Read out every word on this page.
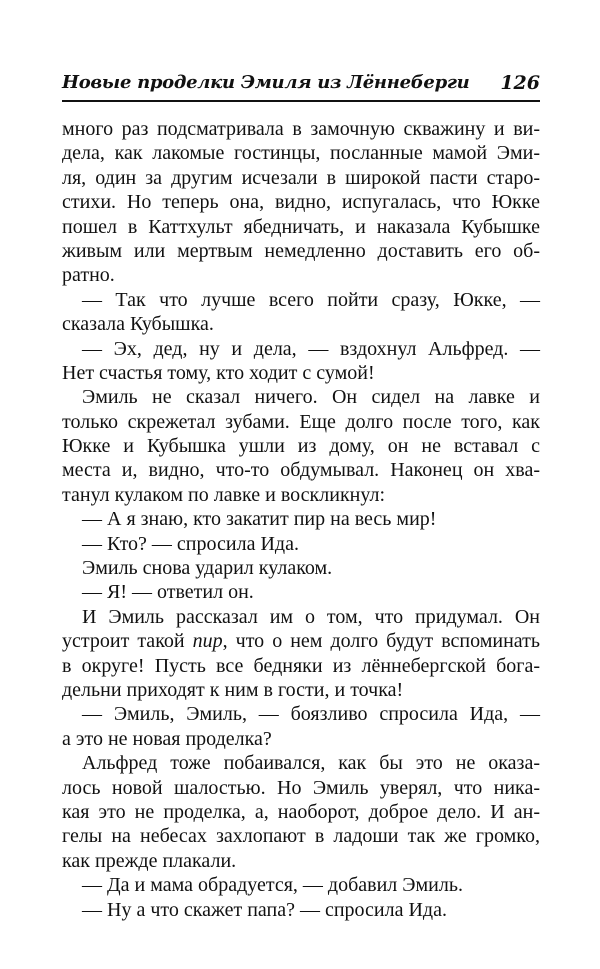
Новые проделки Эмиля из Лённеберги 126
много раз подсматривала в замочную скважину и ви-
дела, как лакомые гостинцы, посланные мамой Эми-
ля, один за другим исчезали в широкой пасти старо-
стихи. Но теперь она, видно, испугалась, что Юкке
пошел в Каттхульт ябедничать, и наказала Кубышке
живым или мертвым немедленно доставить его об-
ратно.
— Так что лучше всего пойти сразу, Юкке, —
сказала Кубышка.
— Эх, дед, ну и дела, — вздохнул Альфред. —
Нет счастья тому, кто ходит с сумой!
Эмиль не сказал ничего. Он сидел на лавке и
только скрежетал зубами. Еще долго после того, как
Юкке и Кубышка ушли из дому, он не вставал с
места и, видно, что-то обдумывал. Наконец он хва-
танул кулаком по лавке и воскликнул:
— А я знаю, кто закатит пир на весь мир!
— Кто? — спросила Ида.
Эмиль снова ударил кулаком.
— Я! — ответил он.
И Эмиль рассказал им о том, что придумал. Он
устроит такой пир, что о нем долго будут вспоминать
в округе! Пусть все бедняки из лённебергской бога-
дельни приходят к ним в гости, и точка!
— Эмиль, Эмиль, — боязливо спросила Ида, —
а это не новая проделка?
Альфред тоже побаивался, как бы это не оказа-
лось новой шалостью. Но Эмиль уверял, что ника-
кая это не проделка, а, наоборот, доброе дело. И ан-
гелы на небесах захлопают в ладоши так же громко,
как прежде плакали.
— Да и мама обрадуется, — добавил Эмиль.
— Ну а что скажет папа? — спросила Ида.
